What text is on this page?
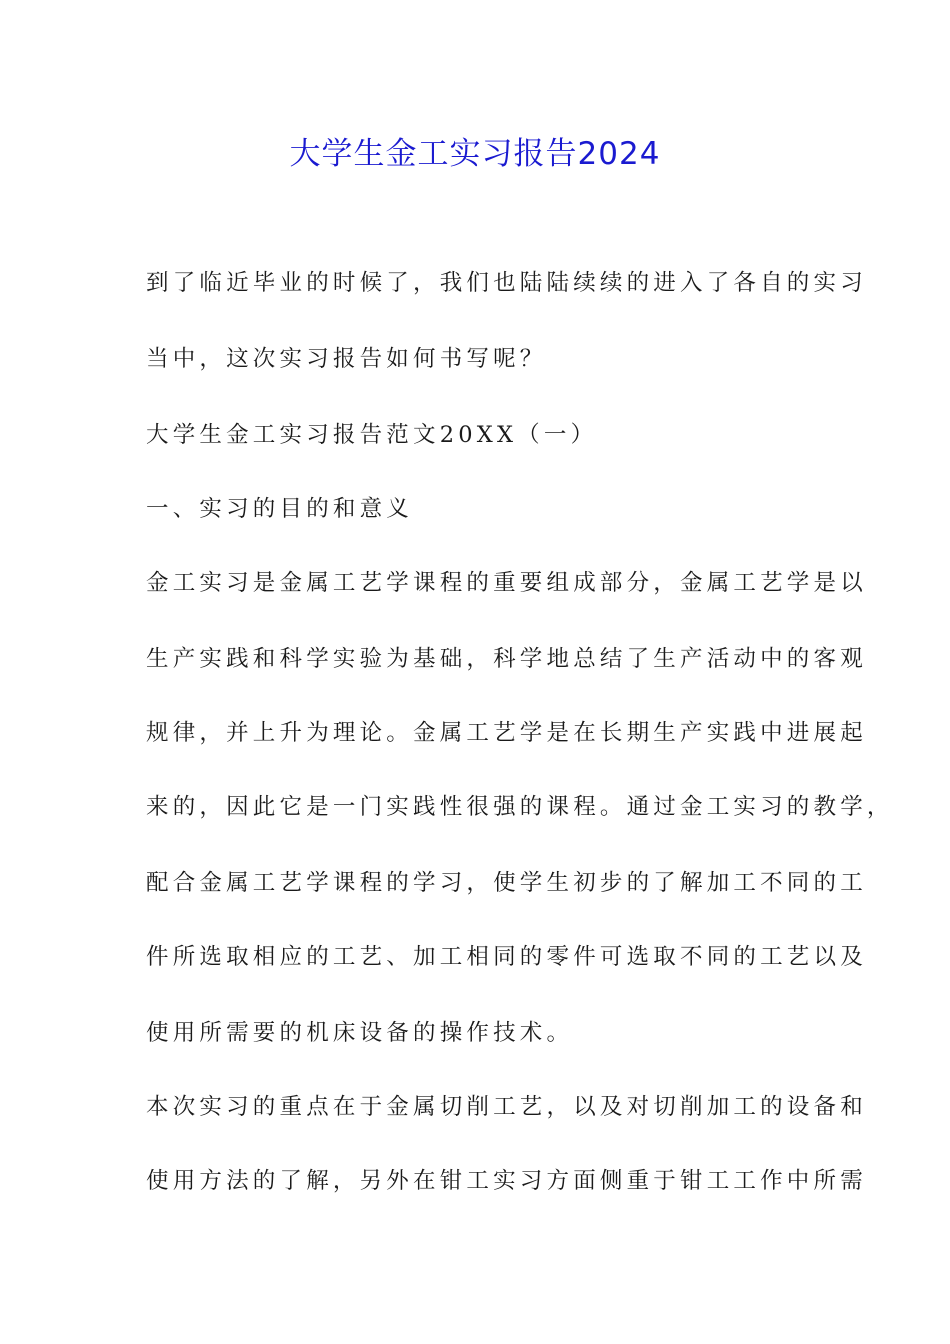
大学生金工实习报告2024
到了临近毕业的时候了，我们也陆陆续续的进入了各自的实习
当中，这次实习报告如何书写呢？
大学生金工实习报告范文20XX（一）
一、实习的目的和意义
金工实习是金属工艺学课程的重要组成部分，金属工艺学是以
生产实践和科学实验为基础，科学地总结了生产活动中的客观
规律，并上升为理论。金属工艺学是在长期生产实践中进展起
来的，因此它是一门实践性很强的课程。通过金工实习的教学，
配合金属工艺学课程的学习，使学生初步的了解加工不同的工
件所选取相应的工艺、加工相同的零件可选取不同的工艺以及
使用所需要的机床设备的操作技术。
本次实习的重点在于金属切削工艺，以及对切削加工的设备和
使用方法的了解，另外在钳工实习方面侧重于钳工工作中所需
